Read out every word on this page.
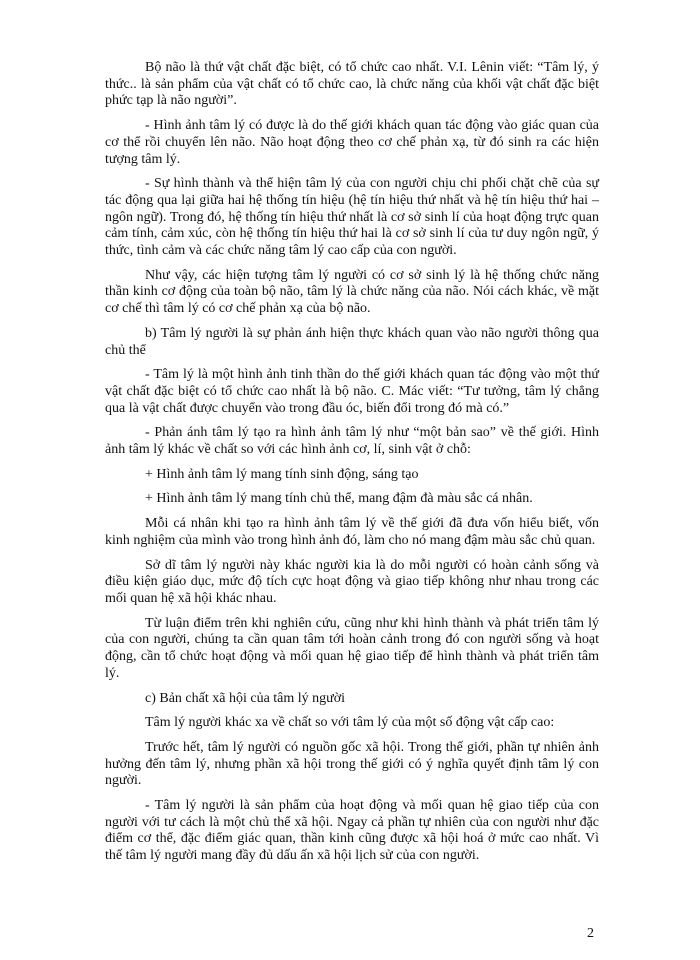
Bộ não là thứ vật chất đặc biệt, có tổ chức cao nhất. V.I. Lênin viết: “Tâm lý, ý thức.. là sản phẩm của vật chất có tổ chức cao, là chức năng của khối vật chất đặc biệt phức tạp là não người”.

- Hình ảnh tâm lý có được là do thế giới khách quan tác động vào giác quan của cơ thể rồi chuyển lên não. Não hoạt động theo cơ chế phản xạ, từ đó sinh ra các hiện tượng tâm lý.

- Sự hình thành và thể hiện tâm lý của con người chịu chi phối chặt chẽ của sự tác động qua lại giữa hai hệ thống tín hiệu (hệ tín hiệu thứ nhất và hệ tín hiệu thứ hai – ngôn ngữ). Trong đó, hệ thống tín hiệu thứ nhất là cơ sở sinh lí của hoạt động trực quan cảm tính, cảm xúc, còn hệ thống tín hiệu thứ hai là cơ sở sinh lí của tư duy ngôn ngữ, ý thức, tình cảm và các chức năng tâm lý cao cấp của con người.

Như vậy, các hiện tượng tâm lý người có cơ sở sinh lý là hệ thống chức năng thần kinh cơ động của toàn bộ não, tâm lý là chức năng của não. Nói cách khác, về mặt cơ chế thì tâm lý có cơ chế phản xạ của bộ não.

b) Tâm lý người là sự phản ánh hiện thực khách quan vào não người thông qua chủ thể

- Tâm lý là một hình ảnh tinh thần do thế giới khách quan tác động vào một thứ vật chất đặc biệt có tổ chức cao nhất là bộ não. C. Mác viết: “Tư tưởng, tâm lý chẳng qua là vật chất được chuyển vào trong đầu óc, biến đổi trong đó mà có.”

- Phản ánh tâm lý tạo ra hình ảnh tâm lý như “một bản sao” về thế giới. Hình ảnh tâm lý khác về chất so với các hình ảnh cơ, lí, sinh vật ở chỗ:

+ Hình ảnh tâm lý mang tính sinh động, sáng tạo

+ Hình ảnh tâm lý mang tính chủ thể, mang đậm đà màu sắc cá nhân.

Mỗi cá nhân khi tạo ra hình ảnh tâm lý về thế giới đã đưa vốn hiểu biết, vốn kinh nghiệm của mình vào trong hình ảnh đó, làm cho nó mang đậm màu sắc chủ quan.

Sở dĩ tâm lý người này khác người kia là do mỗi người có hoàn cảnh sống và điều kiện giáo dục, mức độ tích cực hoạt động và giao tiếp không như nhau trong các mối quan hệ xã hội khác nhau.

Từ luận điểm trên khi nghiên cứu, cũng như khi hình thành và phát triển tâm lý của con người, chúng ta cần quan tâm tới hoàn cảnh trong đó con người sống và hoạt động, cần tổ chức hoạt động và mối quan hệ giao tiếp để hình thành và phát triển tâm lý.

c) Bản chất xã hội của tâm lý người

Tâm lý người khác xa về chất so với tâm lý của một số động vật cấp cao:

Trước hết, tâm lý người có nguồn gốc xã hội. Trong thế giới, phần tự nhiên ảnh hưởng đến tâm lý, nhưng phần xã hội trong thế giới có ý nghĩa quyết định tâm lý con người.

- Tâm lý người là sản phẩm của hoạt động và mối quan hệ giao tiếp của con người với tư cách là một chủ thể xã hội. Ngay cả phần tự nhiên của con người như đặc điểm cơ thể, đặc điểm giác quan, thần kinh cũng được xã hội hoá ở mức cao nhất. Vì thế tâm lý người mang đầy đủ dấu ấn xã hội lịch sử của con người.

2
